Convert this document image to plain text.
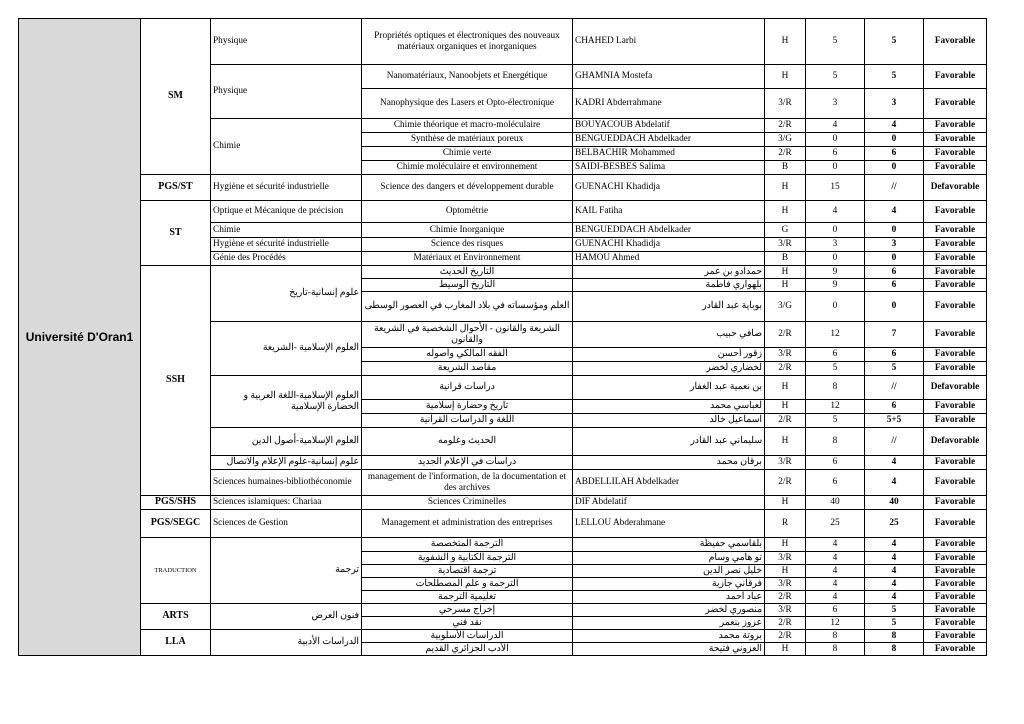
Université D'Oran1	SM	Physique	Propriétés optiques et électroniques des nouveaux matériaux organiques et inorganiques	CHAHED Larbi	H	5	5	Favorable
		Physique	Nanomatériaux, Nanoobjets et Energétique	GHAMNIA Mostefa	H	5	5	Favorable
			Nanophysique des Lasers et Opto-électronique	KADRI Abderrahmane	3/R	3	3	Favorable
		Chimie	Chimie théorique et macro-moléculaire	BOUYACOUB Abdelatif	2/R	4	4	Favorable
			Synthèse de matériaux poreux	BENGUEDDACH Abdelkader	3/G	0	0	Favorable
			Chimie verte	BELBACHIR Mohammed	2/R	6	6	Favorable
			Chimie moléculaire et environnement	SAIDI-BESBES Salima	B	0	0	Favorable
	PGS/ST	Hygiène et sécurité industrielle	Science des dangers et développement durable	GUENACHI Khadidja	H	15	//	Defavorable
	ST	Optique et Mécanique de précision	Optométrie	KAIL Fatiha	H	4	4	Favorable
		Chimie	Chimie Inorganique	BENGUEDDACH Abdelkader	G	0	0	Favorable
		Hygiène et sécurité industrielle	Science des risques	GUENACHI Khadidja	3/R	3	3	Favorable
		Génie des Procédés	Matériaux et Environnement	HAMOU Ahmed	B	0	0	Favorable
	SSH	علوم إنسانية-تاريخ	التاريخ الحديث	حمدادو بن عمر	H	9	6	Favorable
			التاريخ الوسيط	بلهواري فاطمة	H	9	6	Favorable
			العلم ومؤسساته في بلاد المغارب في العصور الوسطى	بوباية عبد القادر	3/G	0	0	Favorable
		العلوم الإسلامية -الشريعة	الشريعة والقانون - الأحوال الشخصية في الشريعة والقانون	صافي حبيب	2/R	12	7	Favorable
			الفقه المالكي وأصوله	زقور أحسن	3/R	6	6	Favorable
			مقاصد الشريعة	لخضاري لخضر	2/R	5	5	Favorable
		العلوم الإسلامية-اللغة العربية و الحضارة الإسلامية	دراسات قرانية	بن نعمية عبد الغفار	H	8	//	Defavorable
			تاريخ وحضارة إسلامية	لعباسي محمد	H	12	6	Favorable
			اللغة و الدراسات القرآنية	اسماعيل خالد	2/R	5	5+5	Favorable
		العلوم الإسلامية-أصول الدين	الحديث وعلومه	سليماني عبد القادر	H	8	//	Defavorable
		علوم إنسانية-علوم الإعلام والاتصال	دراسات في الإعلام الجديد	برقان محمد	3/R	6	4	Favorable
		Sciences humaines-bibliothéconomie	management de l'information, de la documentation et des archives	ABDELLILAH Abdelkader	2/R	6	4	Favorable
	PGS/SHS	Sciences islamiques: Chariaa	Sciences Criminelles	DIF Abdelatif	H	40	40	Favorable
	PGS/SEGC	Sciences de Gestion	Management et administration des entreprises	LELLOU Abderahmane	R	25	25	Favorable
	TRADUCTION	ترجمة	الترجمة المتخصصة	بلقاسمي حفيظة	H	4	4	Favorable
			الترجمة الكتابية و الشفوية	تو هامي وسام	3/R	4	4	Favorable
			ترجمة اقتصادية	خليل نصر الدين	H	4	4	Favorable
			الترجمة و علم المصطلحات	فرقاني جازية	3/R	4	4	Favorable
			تعليمية الترجمة	عباد أحمد	2/R	4	4	Favorable
	ARTS	فنون العرض	إخراج مسرحي	منصوري لخضر	3/R	6	5	Favorable
			نقد فني	عزوز بنعمر	2/R	12	5	Favorable
	LLA	الدراسات الأدبية	الدراسات الأسلوبية	بروتة محمد	2/R	8	8	Favorable
			الأدب الجزائري القديم	العزوني فتيحة	H	8	8	Favorable
